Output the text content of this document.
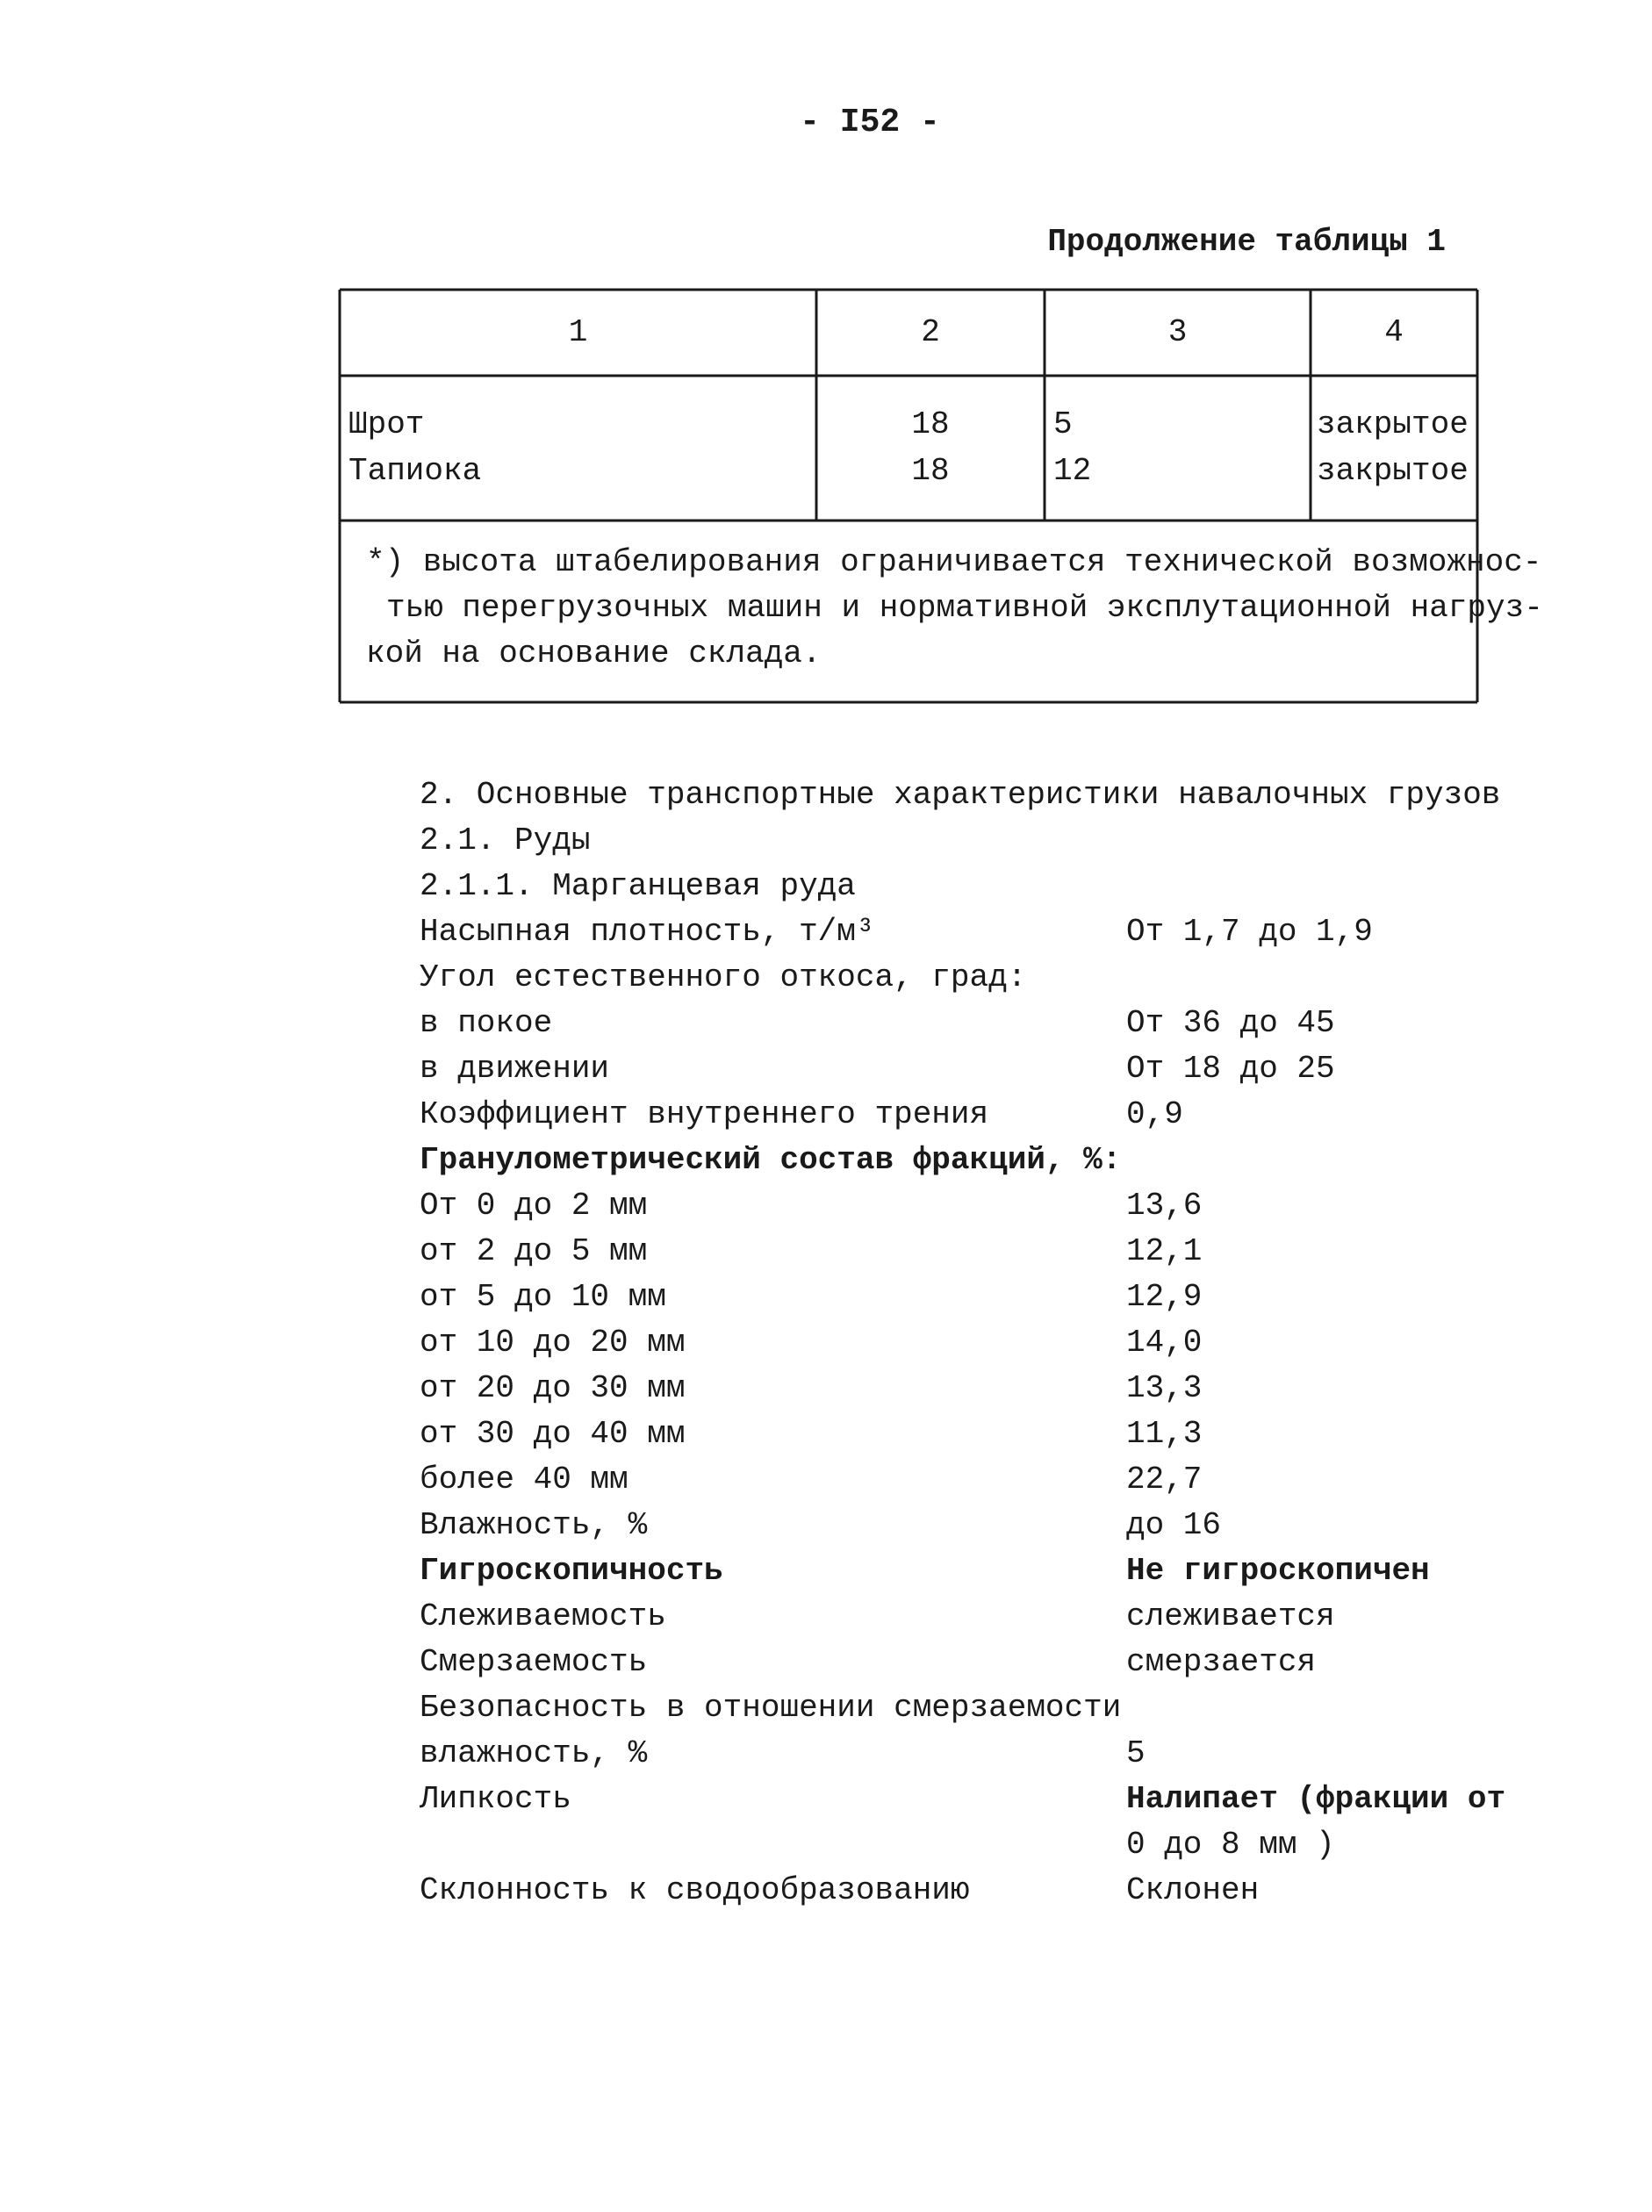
- I52 -
Продолжение таблицы 1
1	2	3	4
Шрот	18	5	закрытое
Тапиока	18	12	закрытое
*) высота штабелирования ограничивается технической возможнос-
тью перегрузочных машин и нормативной эксплутационной нагруз-
кой на основание склада.
2. Основные транспортные характеристики навалочных грузов
2.1. Руды
2.1.1. Марганцевая руда
Насыпная плотность, т/м³	От 1,7 до 1,9
Угол естественного откоса, град:
в покое	От 36 до 45
в движении	От 18 до 25
Коэффициент внутреннего трения	0,9
Гранулометрический состав фракций, %:
От 0 до 2 мм	13,6
от 2 до 5 мм	12,1
от 5 до 10 мм	12,9
от 10 до 20 мм	14,0
от 20 до 30 мм	13,3
от 30 до 40 мм	11,3
более 40 мм	22,7
Влажность, %	до 16
Гигроскопичность	Не гигроскопичен
Слеживаемость	слеживается
Смерзаемость	смерзается
Безопасность в отношении смерзаемости
влажность, %	5
Липкость	Налипает (фракции от
0 до 8 мм )
Склонность к сводообразованию	Склонен
